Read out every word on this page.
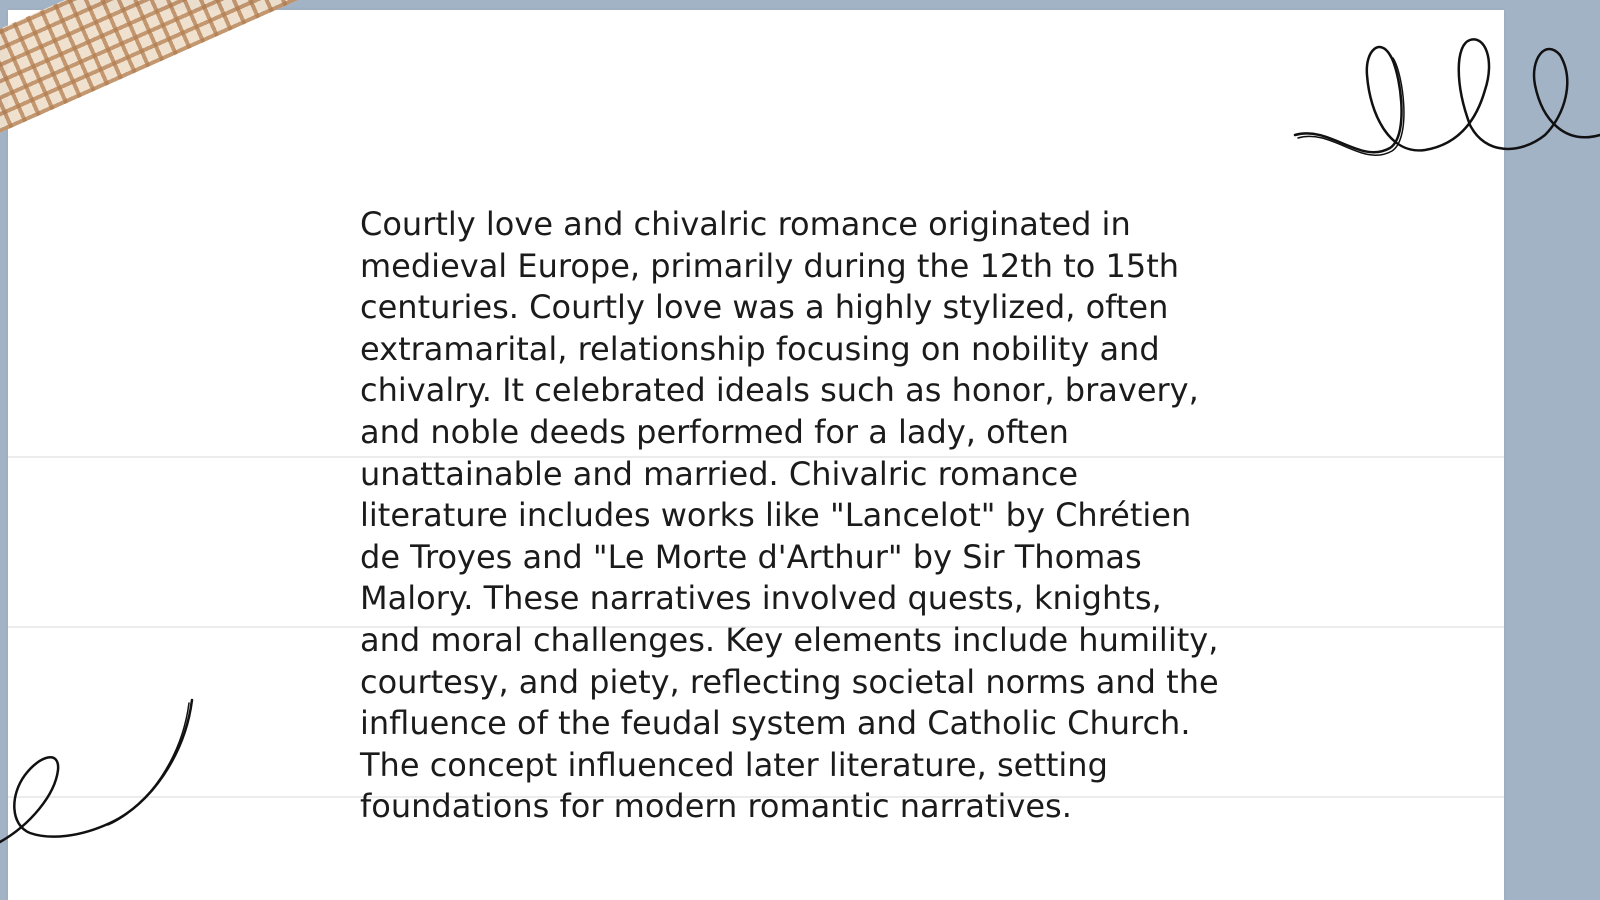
Courtly love and chivalric romance originated in
medieval Europe, primarily during the 12th to 15th
centuries. Courtly love was a highly stylized, often
extramarital, relationship focusing on nobility and
chivalry. It celebrated ideals such as honor, bravery,
and noble deeds performed for a lady, often
unattainable and married. Chivalric romance
literature includes works like "Lancelot" by Chrétien
de Troyes and "Le Morte d'Arthur" by Sir Thomas
Malory. These narratives involved quests, knights,
and moral challenges. Key elements include humility,
courtesy, and piety, reflecting societal norms and the
influence of the feudal system and Catholic Church.
The concept influenced later literature, setting
foundations for modern romantic narratives.
